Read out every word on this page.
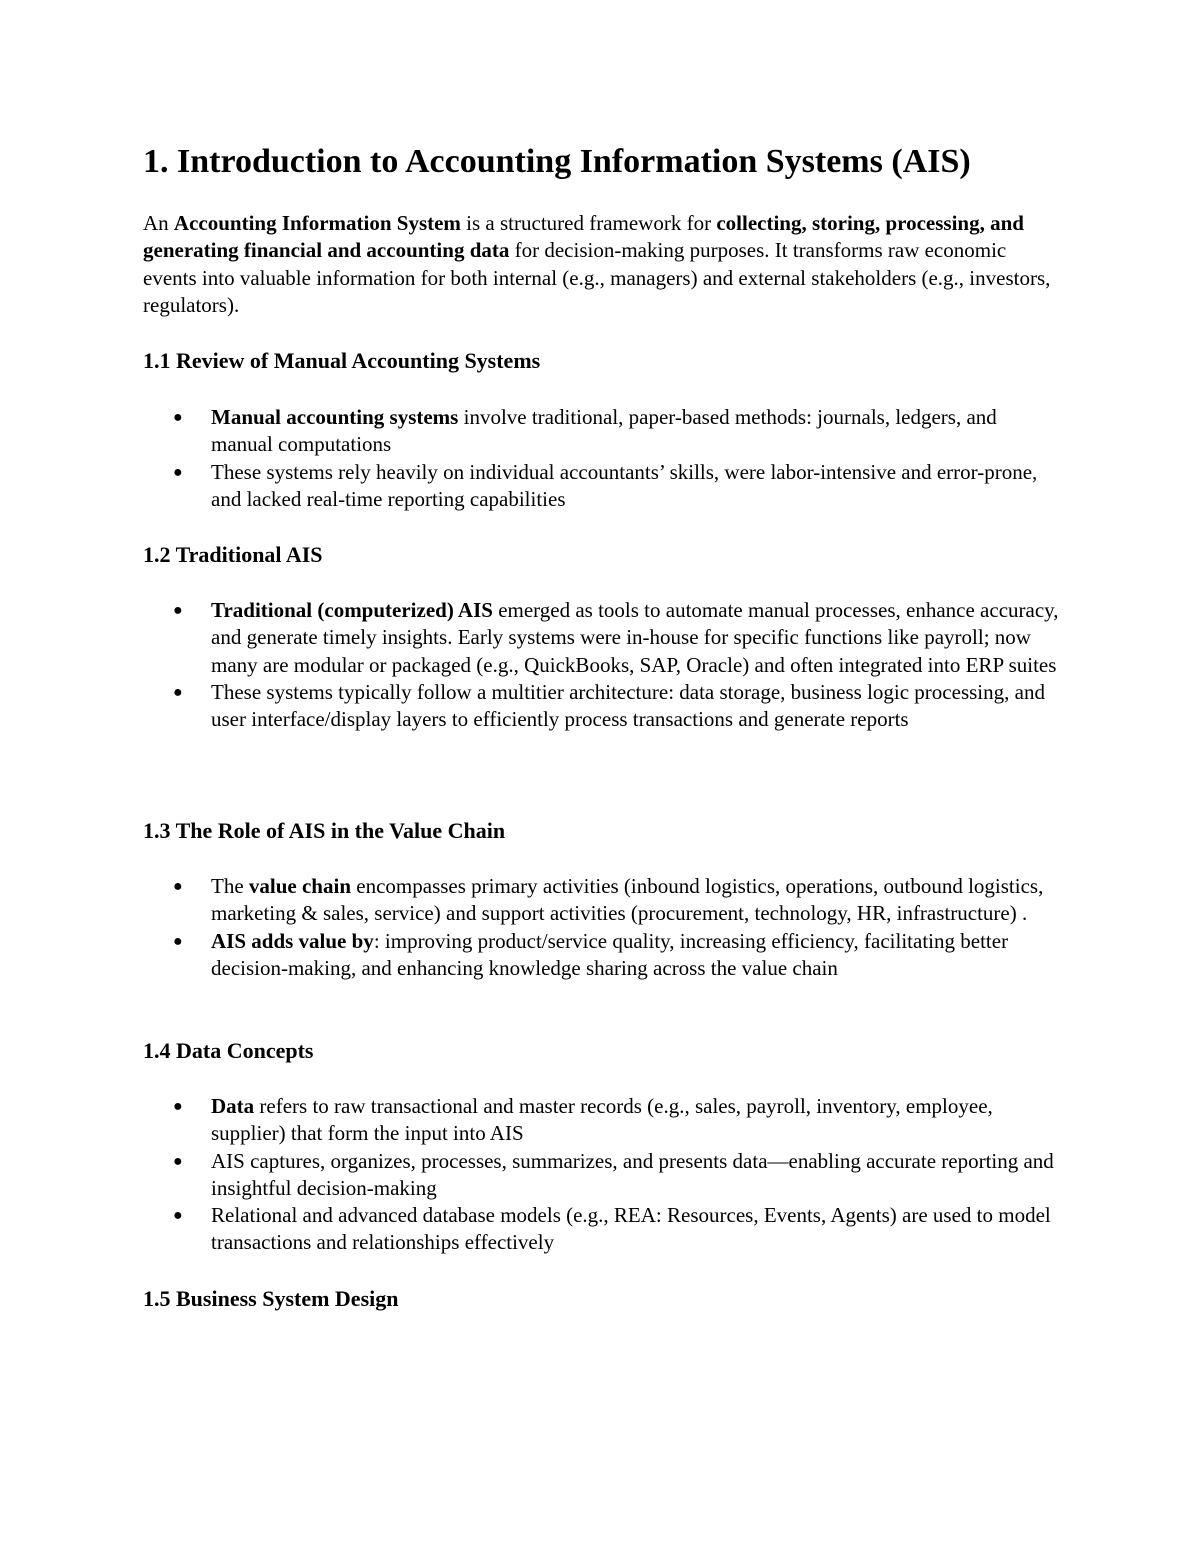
1. Introduction to Accounting Information Systems (AIS)

An Accounting Information System is a structured framework for collecting, storing, processing, and generating financial and accounting data for decision-making purposes. It transforms raw economic events into valuable information for both internal (e.g., managers) and external stakeholders (e.g., investors, regulators).

1.1 Review of Manual Accounting Systems
● Manual accounting systems involve traditional, paper-based methods: journals, ledgers, and manual computations
● These systems rely heavily on individual accountants’ skills, were labor-intensive and error-prone, and lacked real-time reporting capabilities
1.2 Traditional AIS
● Traditional (computerized) AIS emerged as tools to automate manual processes, enhance accuracy, and generate timely insights. Early systems were in-house for specific functions like payroll; now many are modular or packaged (e.g., QuickBooks, SAP, Oracle) and often integrated into ERP suites
● These systems typically follow a multitier architecture: data storage, business logic processing, and user interface/display layers to efficiently process transactions and generate reports
1.3 The Role of AIS in the Value Chain
● The value chain encompasses primary activities (inbound logistics, operations, outbound logistics, marketing & sales, service) and support activities (procurement, technology, HR, infrastructure) .
● AIS adds value by: improving product/service quality, increasing efficiency, facilitating better decision-making, and enhancing knowledge sharing across the value chain
1.4 Data Concepts
● Data refers to raw transactional and master records (e.g., sales, payroll, inventory, employee, supplier) that form the input into AIS
● AIS captures, organizes, processes, summarizes, and presents data—enabling accurate reporting and insightful decision-making
● Relational and advanced database models (e.g., REA: Resources, Events, Agents) are used to model transactions and relationships effectively
1.5 Business System Design
